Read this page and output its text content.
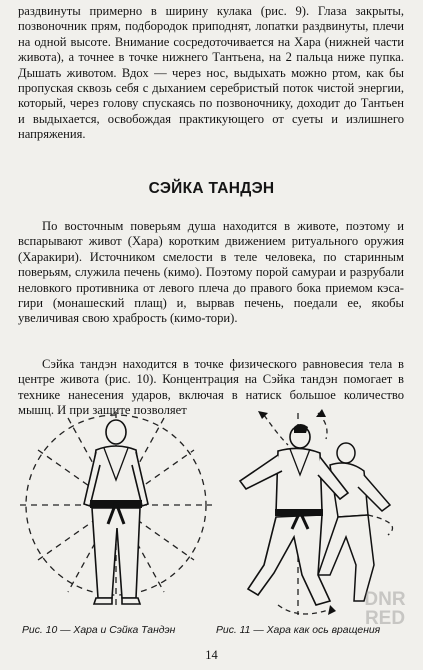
раздвинуты примерно в ширину кулака (рис. 9). Глаза закрыты, позвоночник прям, подбородок приподнят, лопатки раздвинуты, плечи на одной высоте. Внимание сосредоточивается на Хара (нижней части живота), а точнее в точке нижнего Тантьена, на 2 пальца ниже пупка. Дышать животом. Вдох — через нос, выдыхать можно ртом, как бы пропуская сквозь себя с дыханием серебристый поток чистой энергии, который, через голову спускаясь по позвоночнику, доходит до Тантьен и выдыхается, освобождая практикующего от суеты и излишнего напряжения.

СЭЙКА ТАНДЭН

По восточным поверьям душа находится в животе, поэтому и вспарывают живот (Хара) коротким движением ритуального оружия (Харакири). Источником смелости в теле человека, по старинным поверьям, служила печень (кимо). Поэтому порой самураи и разрубали неловкого противника от левого плеча до правого бока приемом кэса-гири (монашеский плащ) и, вырвав печень, поедали ее, якобы увеличивая свою храбрость (кимо-тори).

Сэйка тандэн находится в точке физического равновесия тела в центре живота (рис. 10). Концентрация на Сэйка тандэн помогает в технике нанесения ударов, включая в натиск большое количество мышц. И при защите позволяет

Рис. 10 — Хара и Сэйка Тандэн	Рис. 11 — Хара как ось вращения
14
DNR RED
